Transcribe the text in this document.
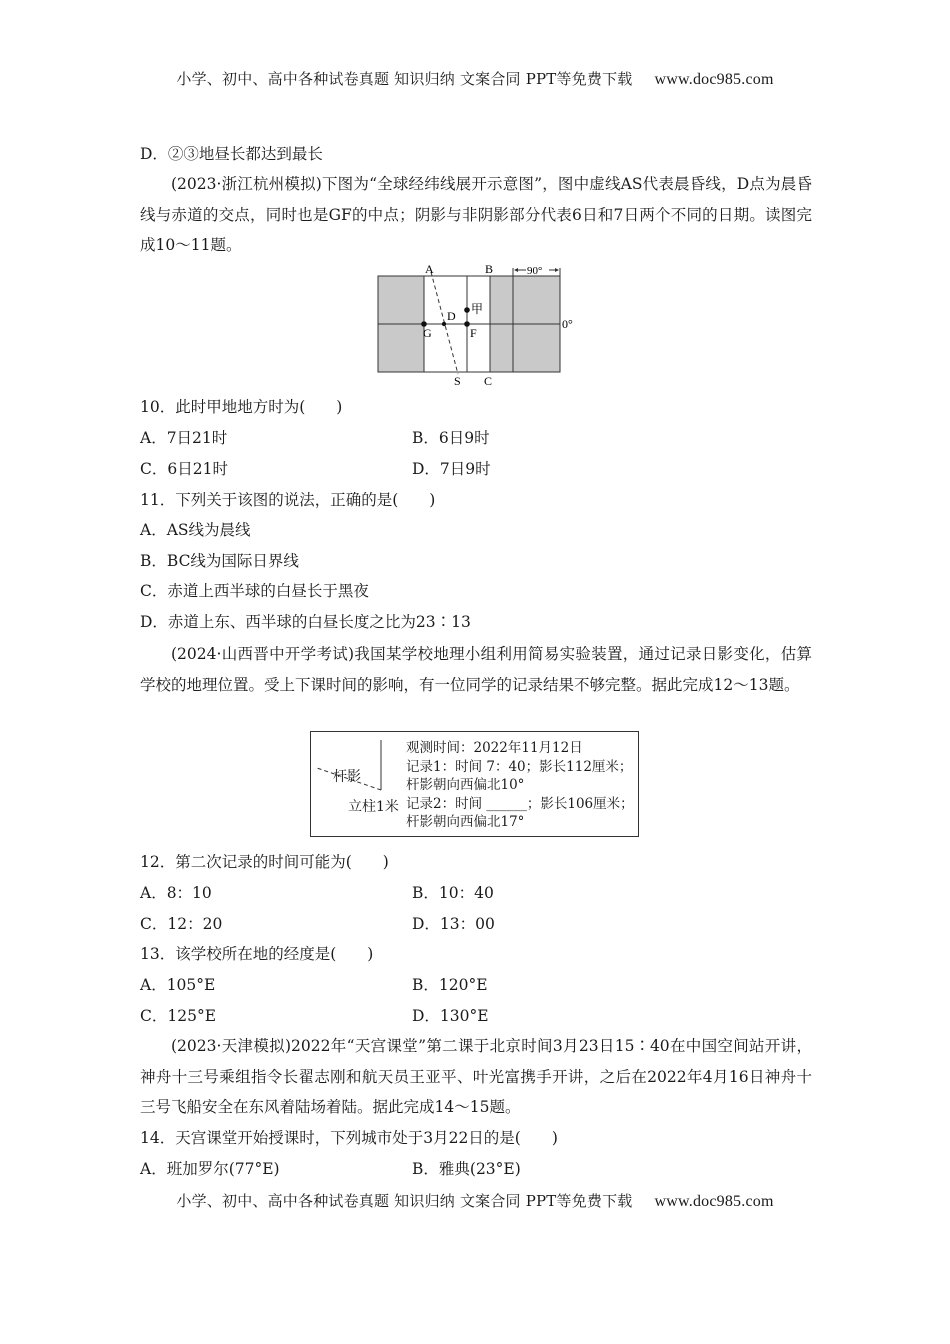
小学、初中、高中各种试卷真题 知识归纳 文案合同 PPT等免费下载 www.doc985.com
D．②③地昼长都达到最长

(2023·浙江杭州模拟)下图为“全球经纬线展开示意图”，图中虚线AS代表晨昏线，D点为晨昏线与赤道的交点，同时也是GF的中点；阴影与非阴影部分代表6日和7日两个不同的日期。读图完成10～11题。

A	B	90°
D 甲
G	F
0°
S C
10．此时甲地地方时为(　　)
A．7日21时	B．6日9时
C．6日21时	D．7日9时
11．下列关于该图的说法，正确的是(　　)
A．AS线为晨线
B．BC线为国际日界线
C．赤道上西半球的白昼长于黑夜
D．赤道上东、西半球的白昼长度之比为23∶13

(2024·山西晋中开学考试)我国某学校地理小组利用简易实验装置，通过记录日影变化，估算学校的地理位置。受上下课时间的影响，有一位同学的记录结果不够完整。据此完成12～13题。

杆影
立柱1米
观测时间：2022年11月12日
记录1：时间 7：40；影长112厘米；
杆影朝向西偏北10°
记录2：时间 ______；影长106厘米；
杆影朝向西偏北17°
12．第二次记录的时间可能为(　　)
A．8：10	B．10：40
C．12：20	D．13：00
13．该学校所在地的经度是(　　)
A．105°E	B．120°E
C．125°E	D．130°E

(2023·天津模拟)2022年“天宫课堂”第二课于北京时间3月23日15∶40在中国空间站开讲，神舟十三号乘组指令长翟志刚和航天员王亚平、叶光富携手开讲，之后在2022年4月16日神舟十三号飞船安全在东风着陆场着陆。据此完成14～15题。

14．天宫课堂开始授课时，下列城市处于3月22日的是(　　)
A．班加罗尔(77°E)	B．雅典(23°E)
小学、初中、高中各种试卷真题 知识归纳 文案合同 PPT等免费下载 www.doc985.com
